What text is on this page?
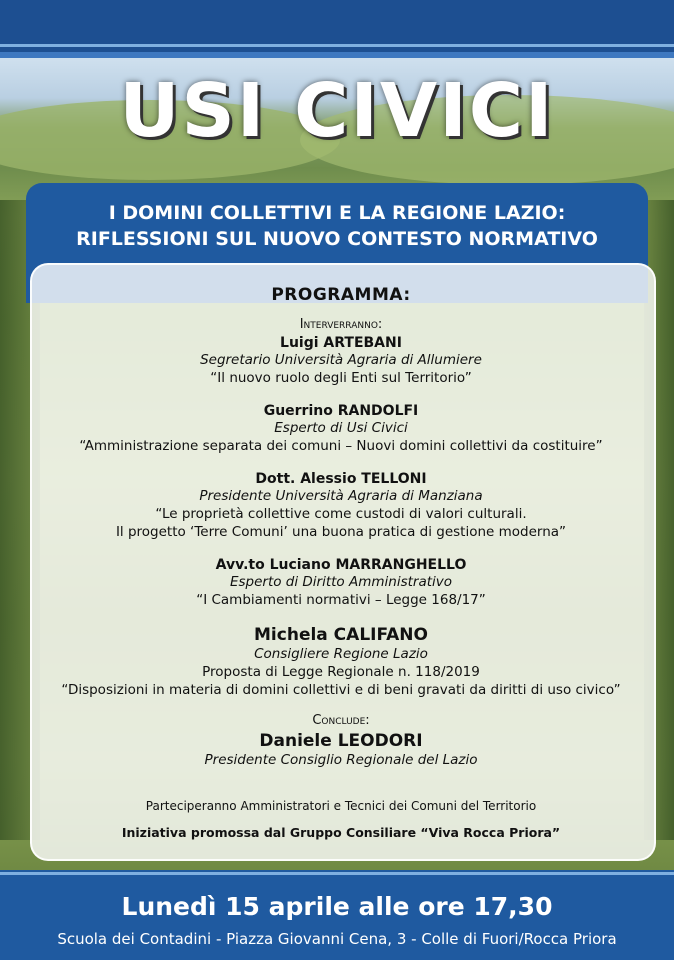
USI CIVICI
I DOMINI COLLETTIVI E LA REGIONE LAZIO:
RIFLESSIONI SUL NUOVO CONTESTO NORMATIVO
PROGRAMMA:
Interverranno:
Luigi ARTEBANI
Segretario Università Agraria di Allumiere
“Il nuovo ruolo degli Enti sul Territorio”
Guerrino RANDOLFI
Esperto di Usi Civici
“Amministrazione separata dei comuni – Nuovi domini collettivi da costituire”
Dott. Alessio TELLONI
Presidente Università Agraria di Manziana
“Le proprietà collettive come custodi di valori culturali.
Il progetto ‘Terre Comuni’ una buona pratica di gestione moderna”
Avv.to Luciano MARRANGHELLO
Esperto di Diritto Amministrativo
“I Cambiamenti normativi – Legge 168/17”
Michela CALIFANO
Consigliere Regione Lazio
Proposta di Legge Regionale n. 118/2019
“Disposizioni in materia di domini collettivi e di beni gravati da diritti di uso civico”
Conclude:
Daniele LEODORI
Presidente Consiglio Regionale del Lazio
Parteciperanno Amministratori e Tecnici dei Comuni del Territorio
Iniziativa promossa dal Gruppo Consiliare “Viva Rocca Priora”
Lunedì 15 aprile alle ore 17,30
Scuola dei Contadini - Piazza Giovanni Cena, 3 - Colle di Fuori/Rocca Priora
